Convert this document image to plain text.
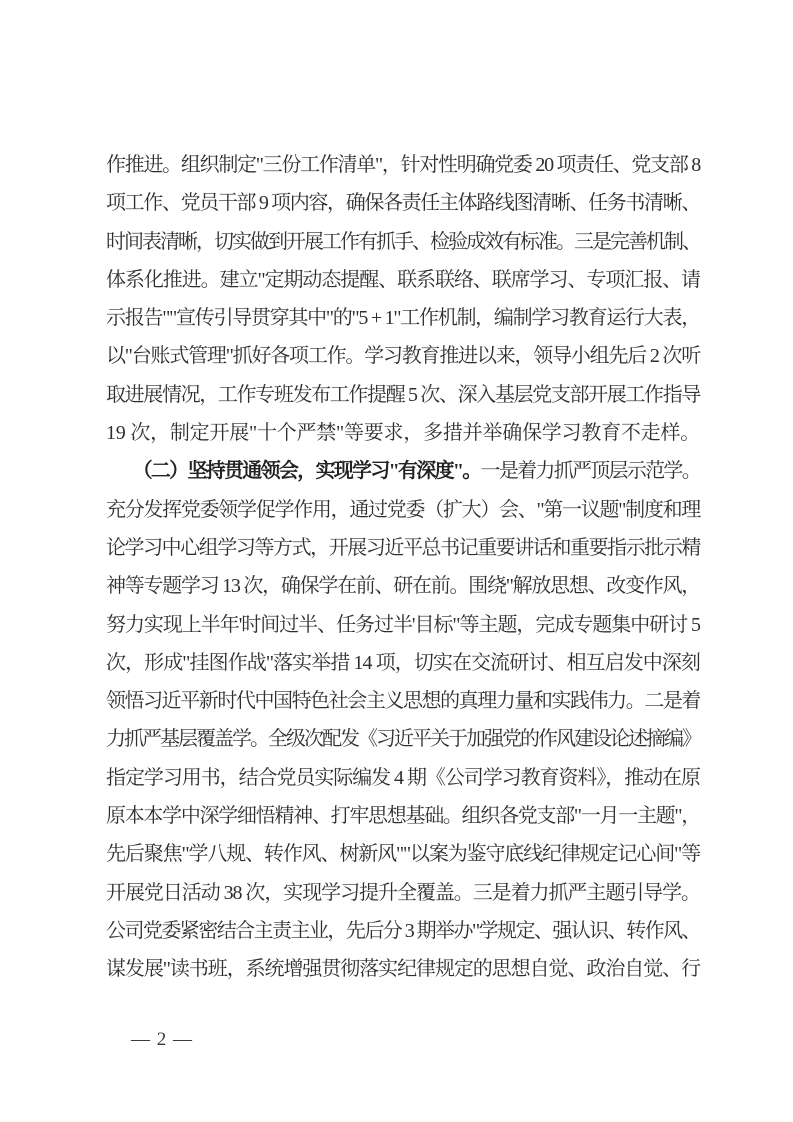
作推进。组织制定"三份工作清单"，针对性明确党委 20 项责任、党支部 8
项工作、党员干部 9 项内容，确保各责任主体路线图清晰、任务书清晰、
时间表清晰，切实做到开展工作有抓手、检验成效有标准。三是完善机制、
体系化推进。建立"定期动态提醒、联系联络、联席学习、专项汇报、请
示报告""宣传引导贯穿其中"的"5 + 1"工作机制，编制学习教育运行大表，
以"台账式管理"抓好各项工作。学习教育推进以来，领导小组先后 2 次听
取进展情况，工作专班发布工作提醒 5 次、深入基层党支部开展工作指导
19 次，制定开展"十个严禁"等要求，多措并举确保学习教育不走样。
　　（二）坚持贯通领会，实现学习"有深度"。一是着力抓严顶层示范学。
充分发挥党委领学促学作用，通过党委（扩大）会、"第一议题"制度和理
论学习中心组学习等方式，开展习近平总书记重要讲话和重要指示批示精
神等专题学习 13 次，确保学在前、研在前。围绕"解放思想、改变作风，
努力实现上半年'时间过半、任务过半'目标"等主题，完成专题集中研讨 5
次，形成"挂图作战"落实举措 14 项，切实在交流研讨、相互启发中深刻
领悟习近平新时代中国特色社会主义思想的真理力量和实践伟力。二是着
力抓严基层覆盖学。全级次配发《习近平关于加强党的作风建设论述摘编》
指定学习用书，结合党员实际编发 4 期《公司学习教育资料》，推动在原
原本本学中深学细悟精神、打牢思想基础。组织各党支部"一月一主题"，
先后聚焦"学八规、转作风、树新风""以案为鉴守底线纪律规定记心间"等
开展党日活动 38 次，实现学习提升全覆盖。三是着力抓严主题引导学。
公司党委紧密结合主责主业，先后分 3 期举办"学规定、强认识、转作风、
谋发展"读书班，系统增强贯彻落实纪律规定的思想自觉、政治自觉、行
— 2 —
